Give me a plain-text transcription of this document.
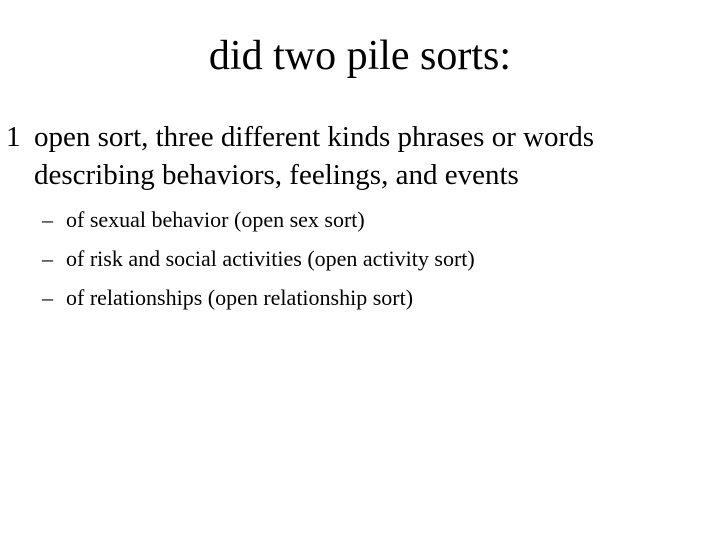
did two pile sorts:
1 open sort, three different kinds phrases or words describing behaviors, feelings, and events
– of sexual behavior (open sex sort)
– of risk and social activities (open activity sort)
– of relationships (open relationship sort)
